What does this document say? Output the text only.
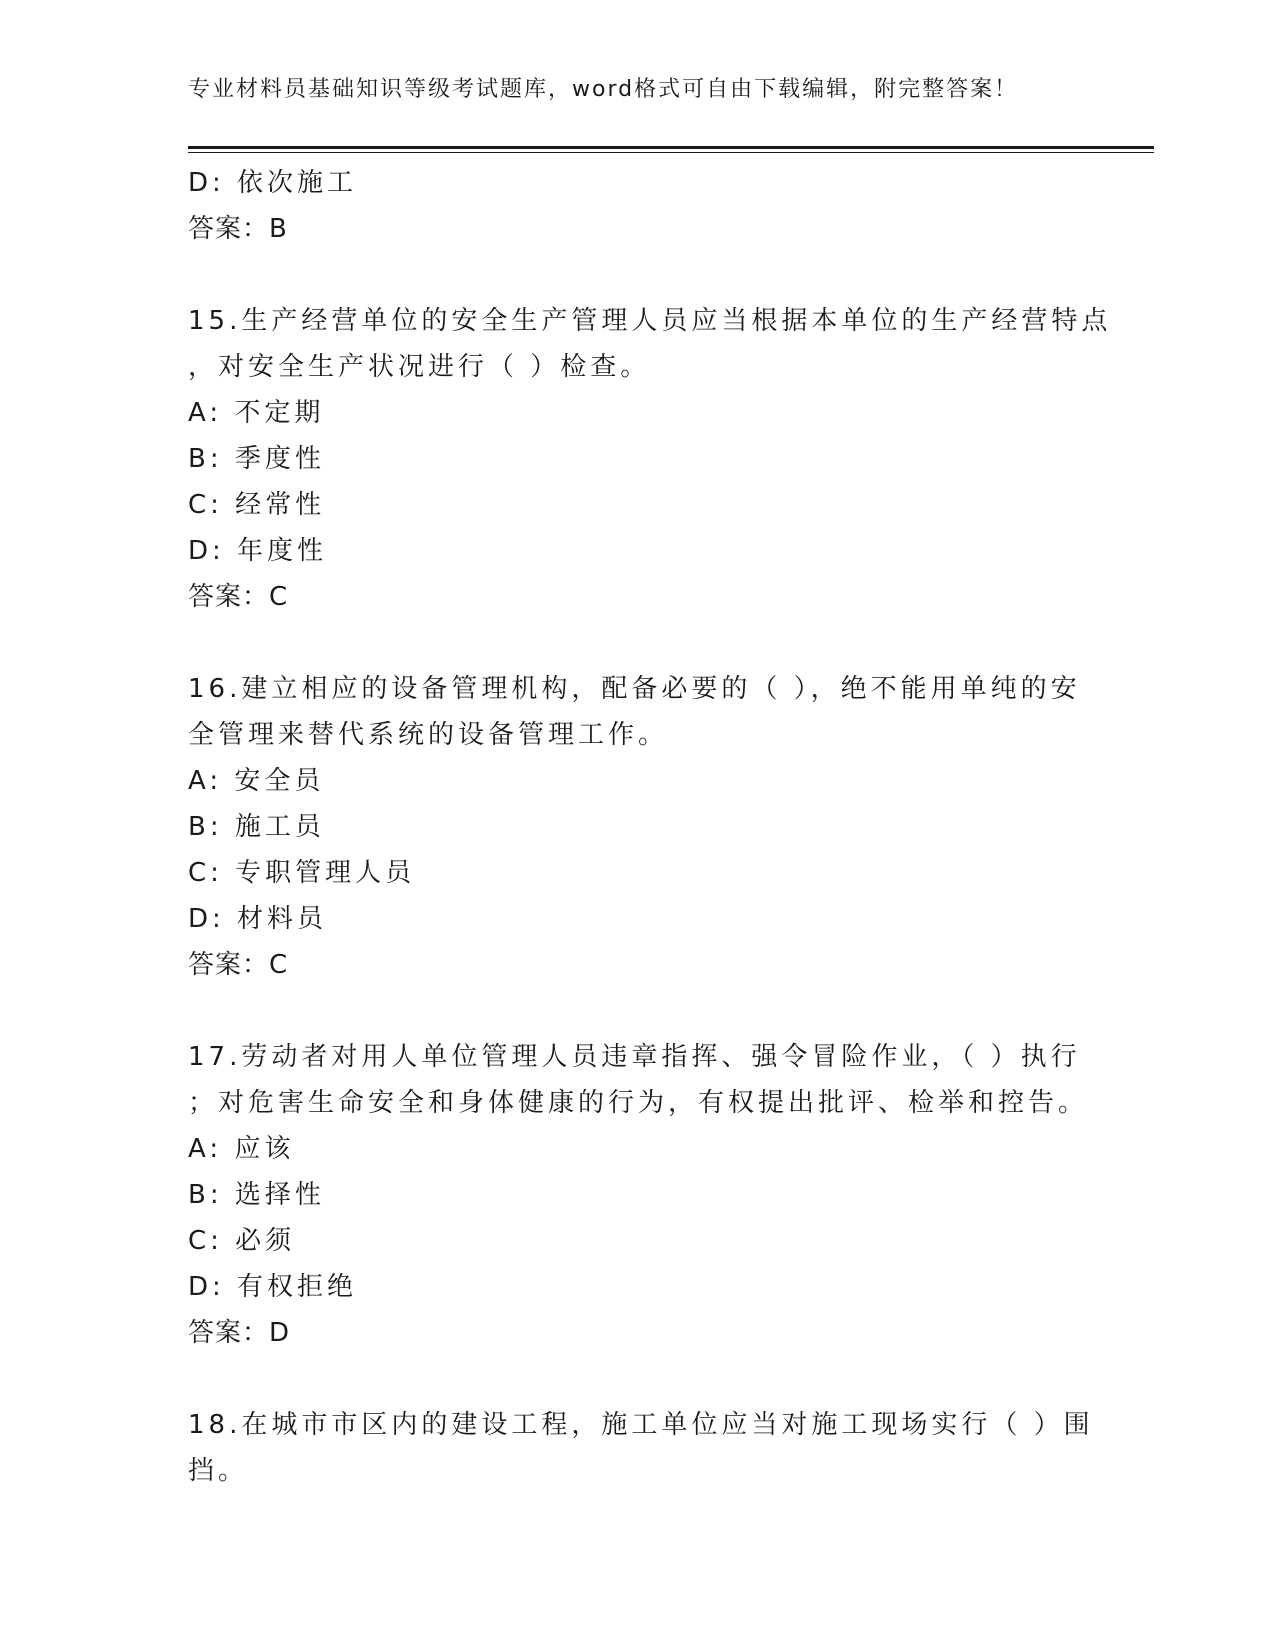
专业材料员基础知识等级考试题库，word格式可自由下载编辑，附完整答案！
D: 依次施工
答案：B
15.生产经营单位的安全生产管理人员应当根据本单位的生产经营特点
，对安全生产状况进行（ ）检查。
A: 不定期
B: 季度性
C: 经常性
D: 年度性
答案：C
16.建立相应的设备管理机构，配备必要的（ ），绝不能用单纯的安
全管理来替代系统的设备管理工作。
A: 安全员
B: 施工员
C: 专职管理人员
D: 材料员
答案：C
17.劳动者对用人单位管理人员违章指挥、强令冒险作业，（ ）执行
；对危害生命安全和身体健康的行为，有权提出批评、检举和控告。
A: 应该
B: 选择性
C: 必须
D: 有权拒绝
答案：D
18.在城市市区内的建设工程，施工单位应当对施工现场实行（ ）围
挡。
